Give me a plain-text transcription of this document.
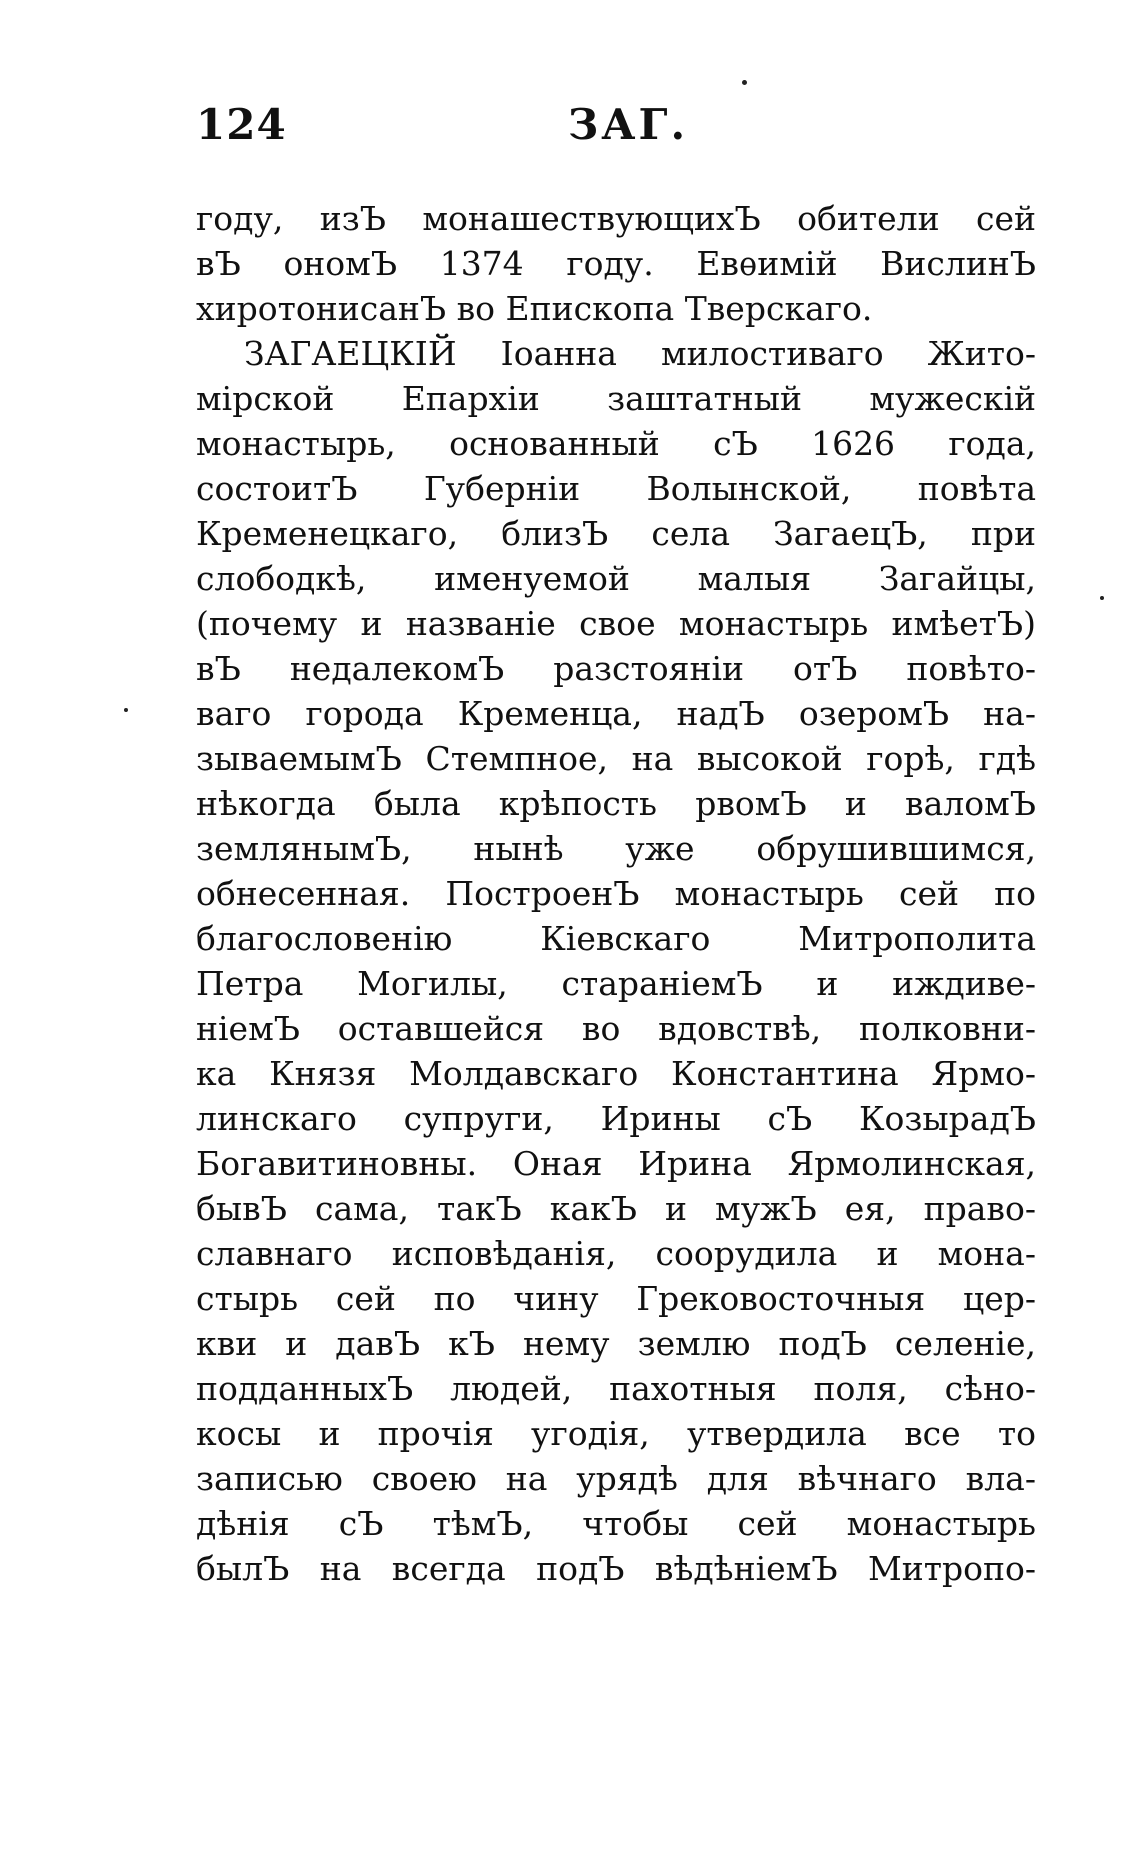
124	ЗАГ.
году, изЪ монашествующихЪ обители сей
вЪ ономЪ 1374 году. Евѳимій ВислинЪ
хиротонисанЪ во Епископа Тверскаго.
ЗАГАЕЦКІЙ Іоанна милостиваго Жито-
мірской Епархіи заштатный мужескій
монастырь, основанный сЪ 1626 года,
состоитЪ Губерніи Волынской, повѣта
Кременецкаго, близЪ села ЗагаецЪ, при
слободкѣ, именуемой малыя Загайцы,
(почему и названіе свое монастырь имѣетЪ)
вЪ недалекомЪ разстояніи отЪ повѣто-
ваго города Кременца, надЪ озеромЪ на-
зываемымЪ Стемпное, на высокой горѣ, гдѣ
нѣкогда была крѣпость рвомЪ и валомЪ
землянымЪ, нынѣ уже обрушившимся,
обнесенная. ПостроенЪ монастырь сей по
благословенію Кіевскаго Митрополита
Петра Могилы, стараніемЪ и иждиве-
ніемЪ оставшейся во вдовствѣ, полковни-
ка Князя Молдавскаго Константина Ярмо-
линскаго супруги, Ирины сЪ КозырадЪ
Богавитиновны. Оная Ирина Ярмолинская,
бывЪ сама, такЪ какЪ и мужЪ ея, право-
славнаго исповѣданія, соорудила и мона-
стырь сей по чину Грековосточныя цер-
кви и давЪ кЪ нему землю подЪ селеніе,
подданныхЪ людей, пахотныя поля, сѣно-
косы и прочія угодія, утвердила все то
записью своею на урядѣ для вѣчнаго вла-
дѣнія сЪ тѣмЪ, чтобы сей монастырь
былЪ на всегда подЪ вѣдѣніемЪ Митропо-
